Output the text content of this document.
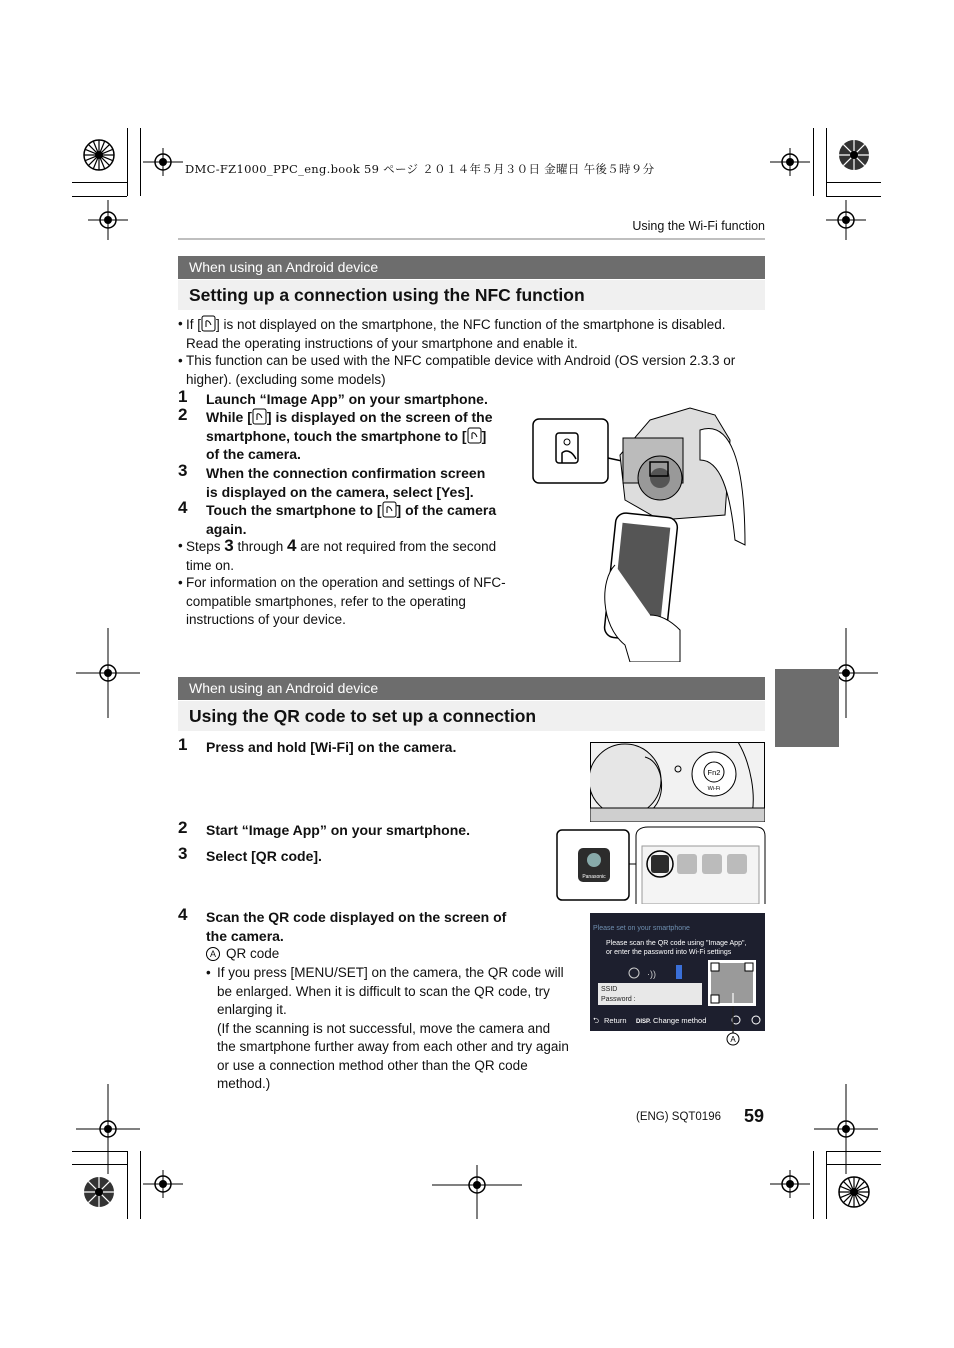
DMC-FZ1000_PPC_eng.book 59 ページ ２０１４年５月３０日 金曜日 午後５時９分
Using the Wi-Fi function
When using an Android device
Setting up a connection using the NFC function
• If [ ] is not displayed on the smartphone, the NFC function of the smartphone is disabled.
Read the operating instructions of your smartphone and enable it.
• This function can be used with the NFC compatible device with Android (OS version 2.3.3 or
higher). (excluding some models)
1 Launch “Image App” on your smartphone.
2 While [ ] is displayed on the screen of the
smartphone, touch the smartphone to [ ]
of the camera.
3 When the connection confirmation screen
is displayed on the camera, select [Yes].
4 Touch the smartphone to [ ] of the camera
again.
• Steps 3 through 4 are not required from the second
time on.
• For information on the operation and settings of NFC-
compatible smartphones, refer to the operating
instructions of your device.
When using an Android device
Using the QR code to set up a connection
1 Press and hold [Wi-Fi] on the camera.
2 Start “Image App” on your smartphone.
3 Select [QR code].
4 Scan the QR code displayed on the screen of
the camera.
A QR code
• If you press [MENU/SET] on the camera, the QR code will
be enlarged. When it is difficult to scan the QR code, try
enlarging it.
(If the scanning is not successful, move the camera and
the smartphone further away from each other and try again
or use a connection method other than the QR code
method.)
Fn2
Wi-Fi
Panasonic
Please set on your smartphone
Please scan the QR code using "Image App",
or enter the password into Wi-Fi settings
·))
SSID
Password :
⮌ Return DISP. Change method
A
(ENG) SQT0196 59
